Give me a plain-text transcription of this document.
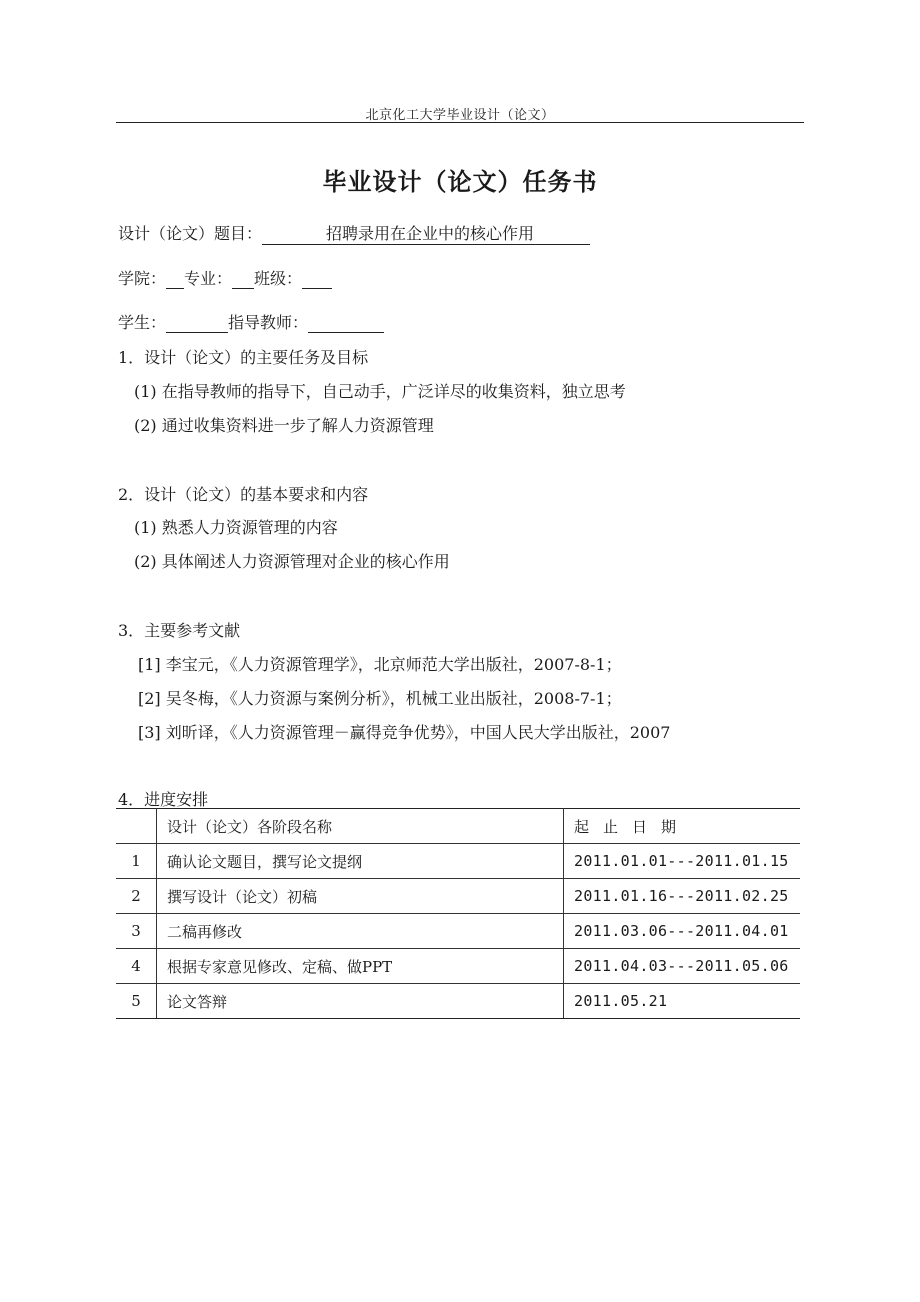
北京化工大学毕业设计（论文）
毕业设计（论文）任务书
设计（论文）题目：	招聘录用在企业中的核心作用
学院： 专业： 班级：
学生：	指导教师：
1．设计（论文）的主要任务及目标
(1) 在指导教师的指导下，自己动手，广泛详尽的收集资料，独立思考
(2) 通过收集资料进一步了解人力资源管理
2．设计（论文）的基本要求和内容
(1) 熟悉人力资源管理的内容
(2) 具体阐述人力资源管理对企业的核心作用
3．主要参考文献
[1] 李宝元，《人力资源管理学》，北京师范大学出版社，2007-8-1；
[2] 吴冬梅，《人力资源与案例分析》，机械工业出版社，2008-7-1；
[3] 刘昕译，《人力资源管理－赢得竞争优势》，中国人民大学出版社，2007
4．进度安排
	设计（论文）各阶段名称	起止日期
1	确认论文题目，撰写论文提纲	2011.01.01---2011.01.15
2	撰写设计（论文）初稿	2011.01.16---2011.02.25
3	二稿再修改	2011.03.06---2011.04.01
4	根据专家意见修改、定稿、做PPT	2011.04.03---2011.05.06
5	论文答辩	2011.05.21
